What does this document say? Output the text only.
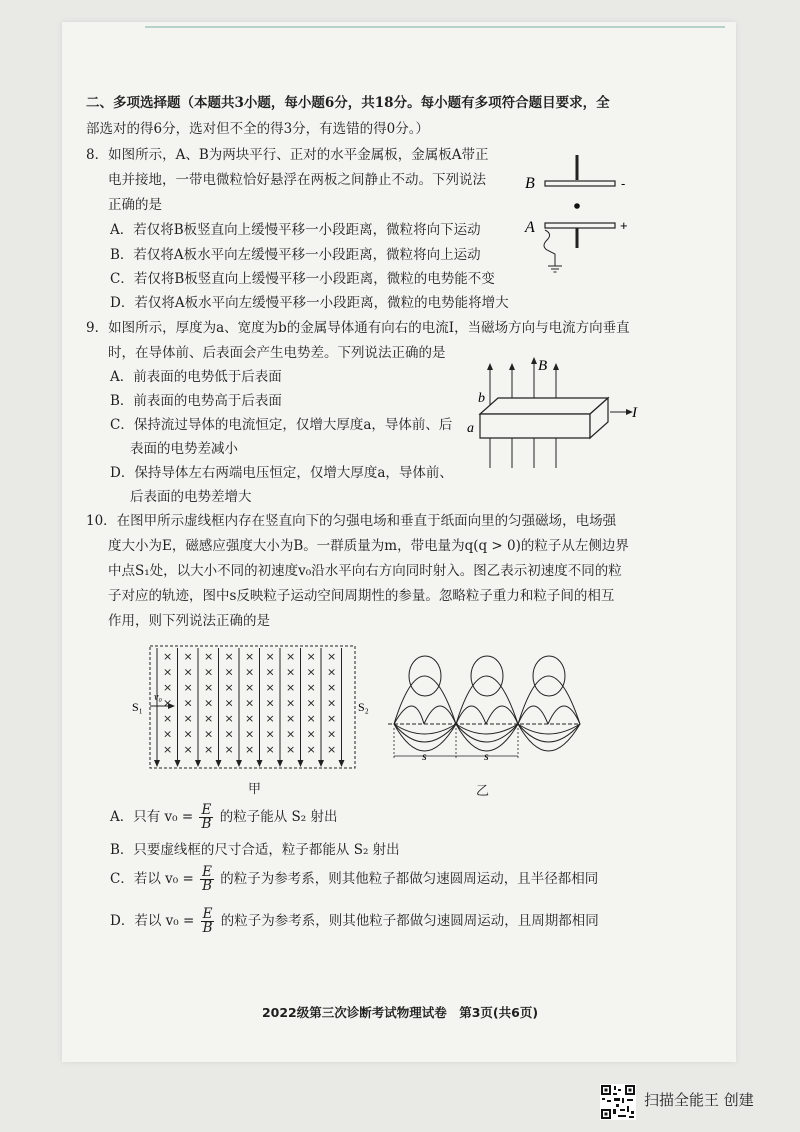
二、多项选择题（本题共3小题，每小题6分，共18分。每小题有多项符合题目要求，全
部选对的得6分，选对但不全的得3分，有选错的得0分。）
8．如图所示，A、B为两块平行、正对的水平金属板，金属板A带正
电并接地，一带电微粒恰好悬浮在两板之间静止不动。下列说法
正确的是
A．若仅将B板竖直向上缓慢平移一小段距离，微粒将向下运动
B．若仅将A板水平向左缓慢平移一小段距离，微粒将向上运动
C．若仅将B板竖直向上缓慢平移一小段距离，微粒的电势能不变
D．若仅将A板水平向左缓慢平移一小段距离，微粒的电势能将增大
B
A
-
+
9．如图所示，厚度为a、宽度为b的金属导体通有向右的电流I，当磁场方向与电流方向垂直
时，在导体前、后表面会产生电势差。下列说法正确的是
A．前表面的电势低于后表面
B．前表面的电势高于后表面
C．保持流过导体的电流恒定，仅增大厚度a，导体前、后
表面的电势差减小
D．保持导体左右两端电压恒定，仅增大厚度a，导体前、
后表面的电势差增大
I
B
b
a
10．在图甲所示虚线框内存在竖直向下的匀强电场和垂直于纸面向里的匀强磁场，电场强
度大小为E，磁感应强度大小为B。一群质量为m，带电量为q(q > 0)的粒子从左侧边界
中点S₁处，以大小不同的初速度v₀沿水平向右方向同时射入。图乙表示初速度不同的粒
子对应的轨迹，图中s反映粒子运动空间周期性的参量。忽略粒子重力和粒子间的相互
作用，则下列说法正确的是
×
×
×
×
×
×
×
×
×
×
×
×
×
×
×
×
×
×
×
×
×
×
×
×
×
×
×
×
×
×
×
×
×
×
×
×
×
×
×
×
×
×
×
×
×
×
×
×
×
×
×
×
×
×
×
×
×
×
×
×
×
×
×
S₁	S₂
v₀
甲
s	s
乙
A．只有 $v_0 = \frac{E}{B}$ 的粒子能从 S₂ 射出
B．只要虚线框的尺寸合适，粒子都能从 S₂ 射出
C．若以 $v_0 = \frac{E}{B}$ 的粒子为参考系，则其他粒子都做匀速圆周运动，且半径都相同
D．若以 $v_0 = \frac{E}{B}$ 的粒子为参考系，则其他粒子都做匀速圆周运动，且周期都相同
2022级第三次诊断考试物理试卷　第3页(共6页)
扫描全能王 创建
